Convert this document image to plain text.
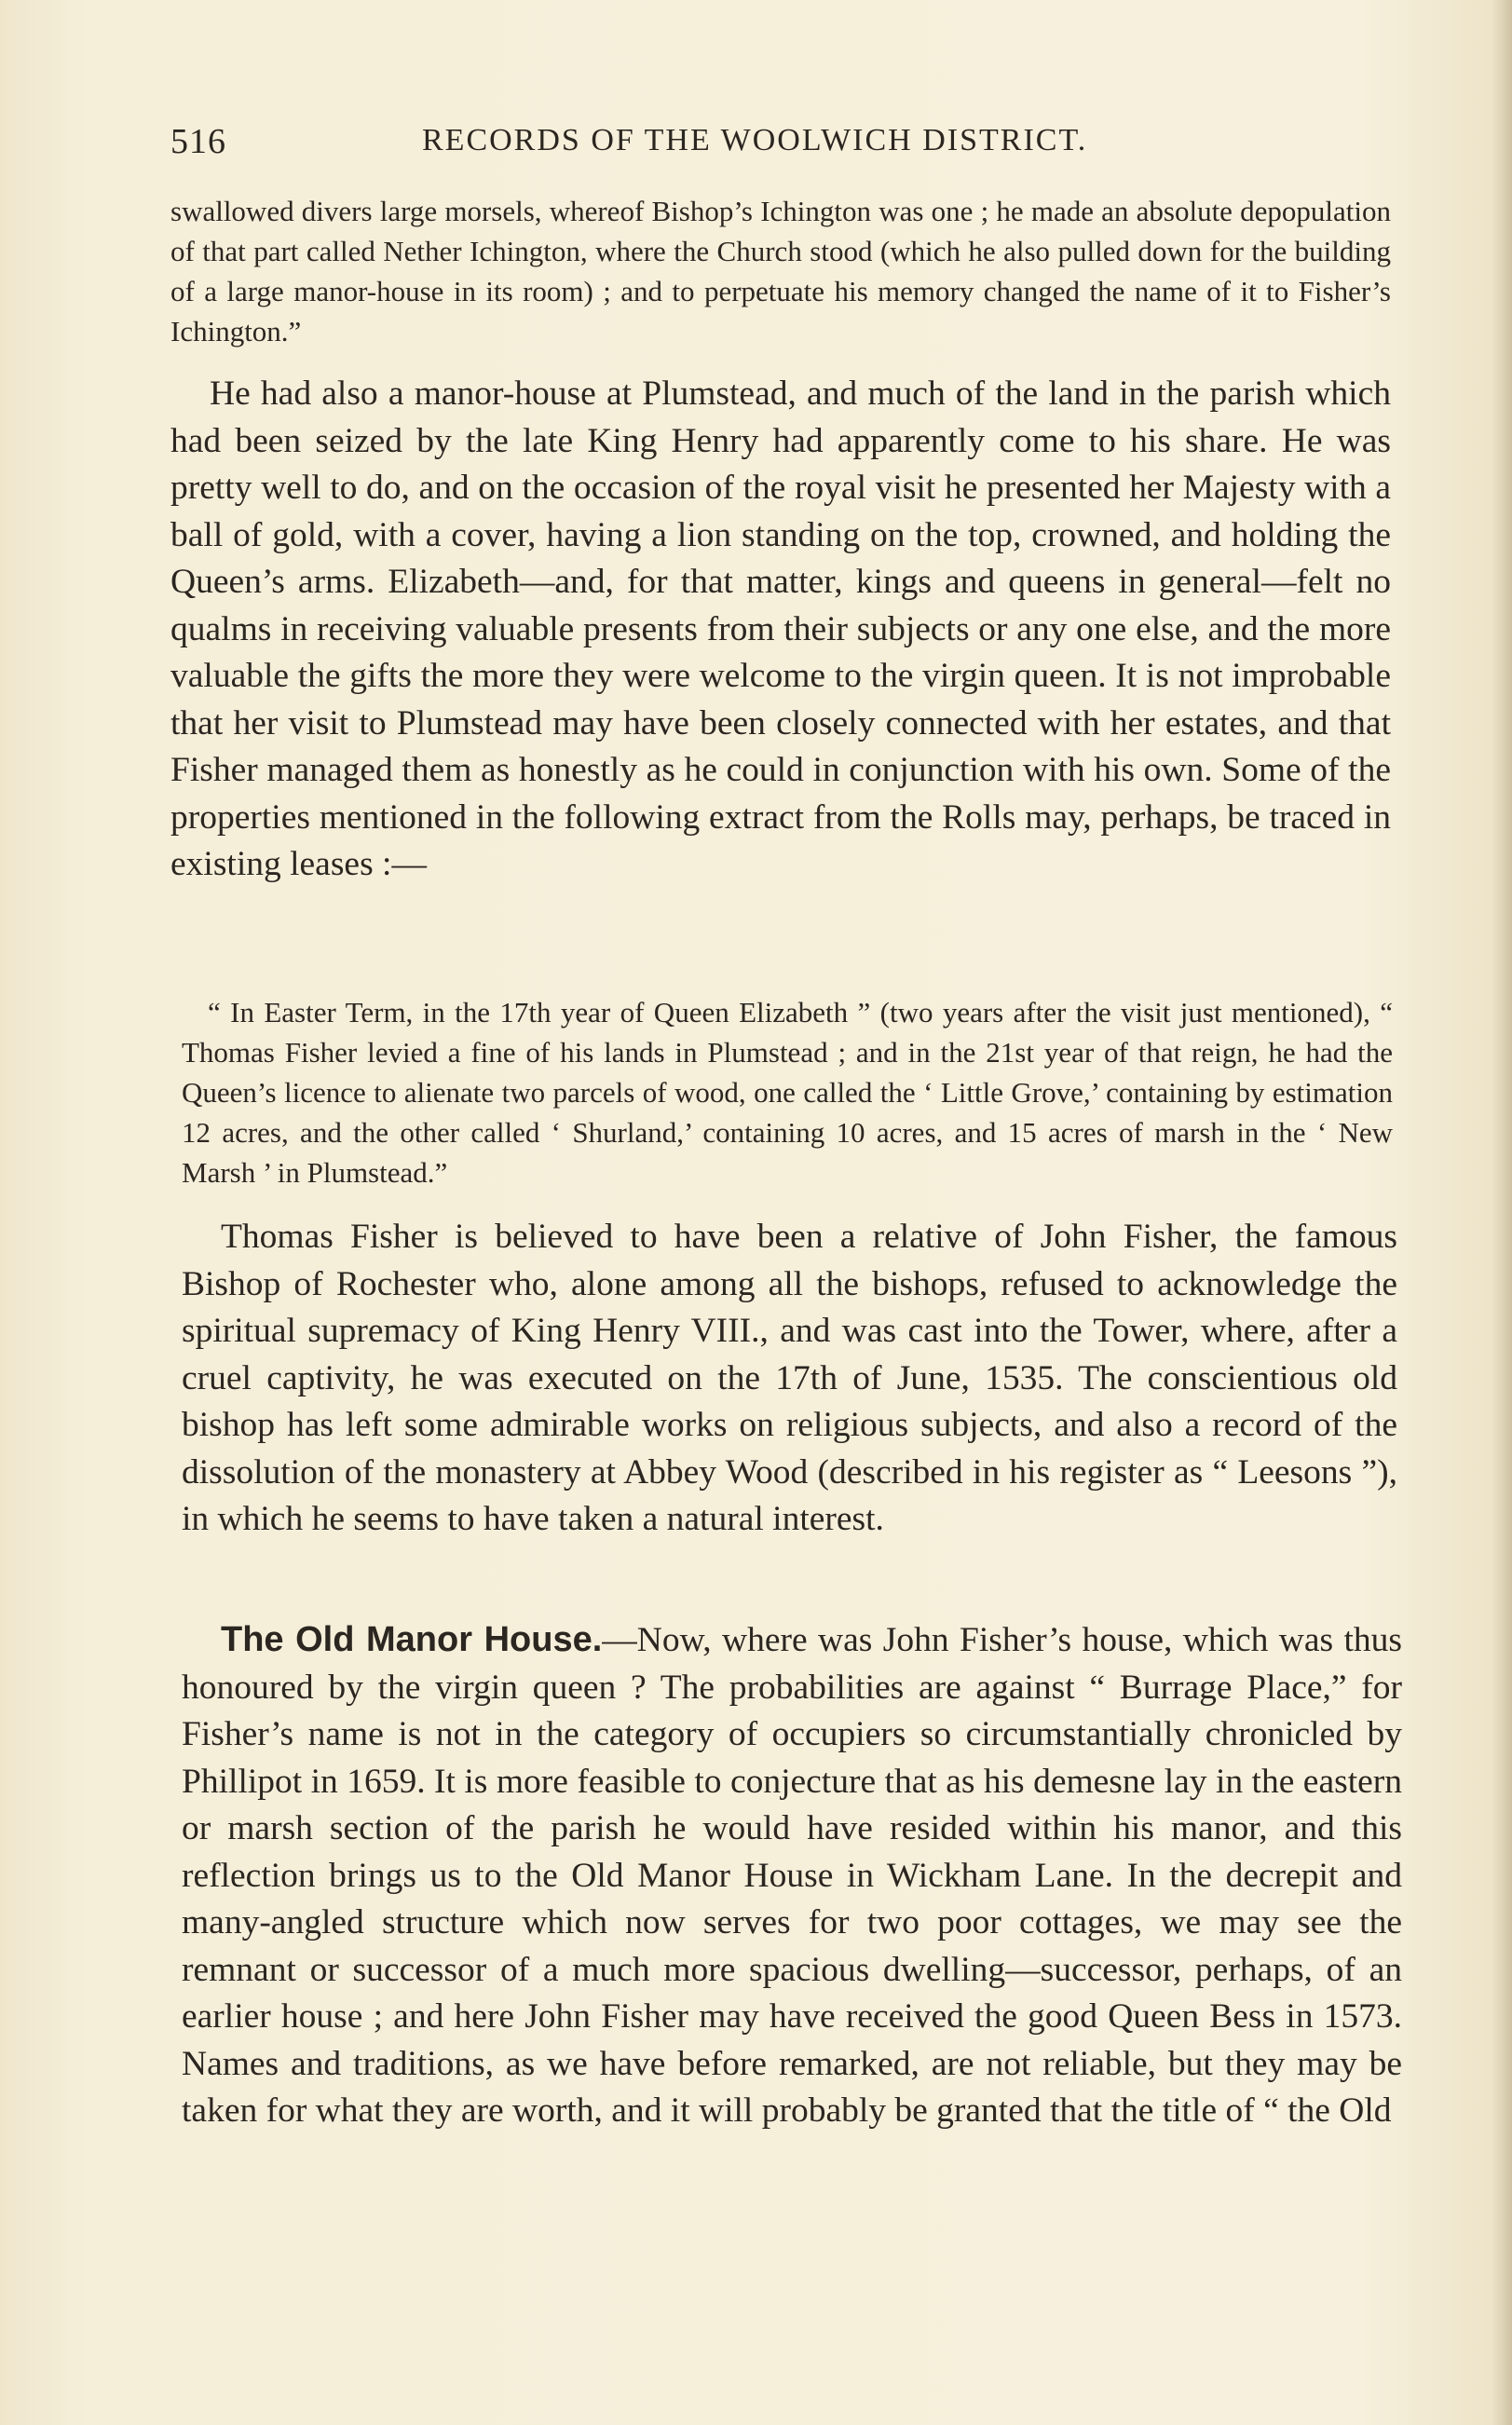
516	RECORDS OF THE WOOLWICH DISTRICT.
swallowed divers large morsels, whereof Bishop’s Ichington was one ; he made an absolute depopulation of that part called Nether Ichington, where the Church stood (which he also pulled down for the building of a large manor-house in its room) ; and to perpetuate his memory changed the name of it to Fisher’s Ichington.”

He had also a manor-house at Plumstead, and much of the land in the parish which had been seized by the late King Henry had apparently come to his share. He was pretty well to do, and on the occasion of the royal visit he presented her Majesty with a ball of gold, with a cover, having a lion standing on the top, crowned, and holding the Queen’s arms. Elizabeth—and, for that matter, kings and queens in general—felt no qualms in receiving valuable presents from their subjects or any one else, and the more valuable the gifts the more they were welcome to the virgin queen. It is not improbable that her visit to Plumstead may have been closely connected with her estates, and that Fisher managed them as honestly as he could in conjunction with his own. Some of the properties mentioned in the following extract from the Rolls may, perhaps, be traced in existing leases :—

“ In Easter Term, in the 17th year of Queen Elizabeth ” (two years after the visit just mentioned), “ Thomas Fisher levied a fine of his lands in Plumstead ; and in the 21st year of that reign, he had the Queen’s licence to alienate two parcels of wood, one called the ‘ Little Grove,’ containing by estimation 12 acres, and the other called ‘ Shurland,’ containing 10 acres, and 15 acres of marsh in the ‘ New Marsh ’ in Plumstead.”

Thomas Fisher is believed to have been a relative of John Fisher, the famous Bishop of Rochester who, alone among all the bishops, refused to acknowledge the spiritual supremacy of King Henry VIII., and was cast into the Tower, where, after a cruel captivity, he was executed on the 17th of June, 1535. The conscientious old bishop has left some admirable works on religious subjects, and also a record of the dissolution of the monastery at Abbey Wood (described in his register as “ Leesons ”), in which he seems to have taken a natural interest.

The Old Manor House.—Now, where was John Fisher’s house, which was thus honoured by the virgin queen ? The probabilities are against “ Burrage Place,” for Fisher’s name is not in the category of occupiers so circumstantially chronicled by Phillipot in 1659. It is more feasible to conjecture that as his demesne lay in the eastern or marsh section of the parish he would have resided within his manor, and this reflection brings us to the Old Manor House in Wickham Lane. In the decrepit and many-angled structure which now serves for two poor cottages, we may see the remnant or successor of a much more spacious dwelling—successor, perhaps, of an earlier house ; and here John Fisher may have received the good Queen Bess in 1573. Names and traditions, as we have before remarked, are not reliable, but they may be taken for what they are worth, and it will probably be granted that the title of “ the Old
